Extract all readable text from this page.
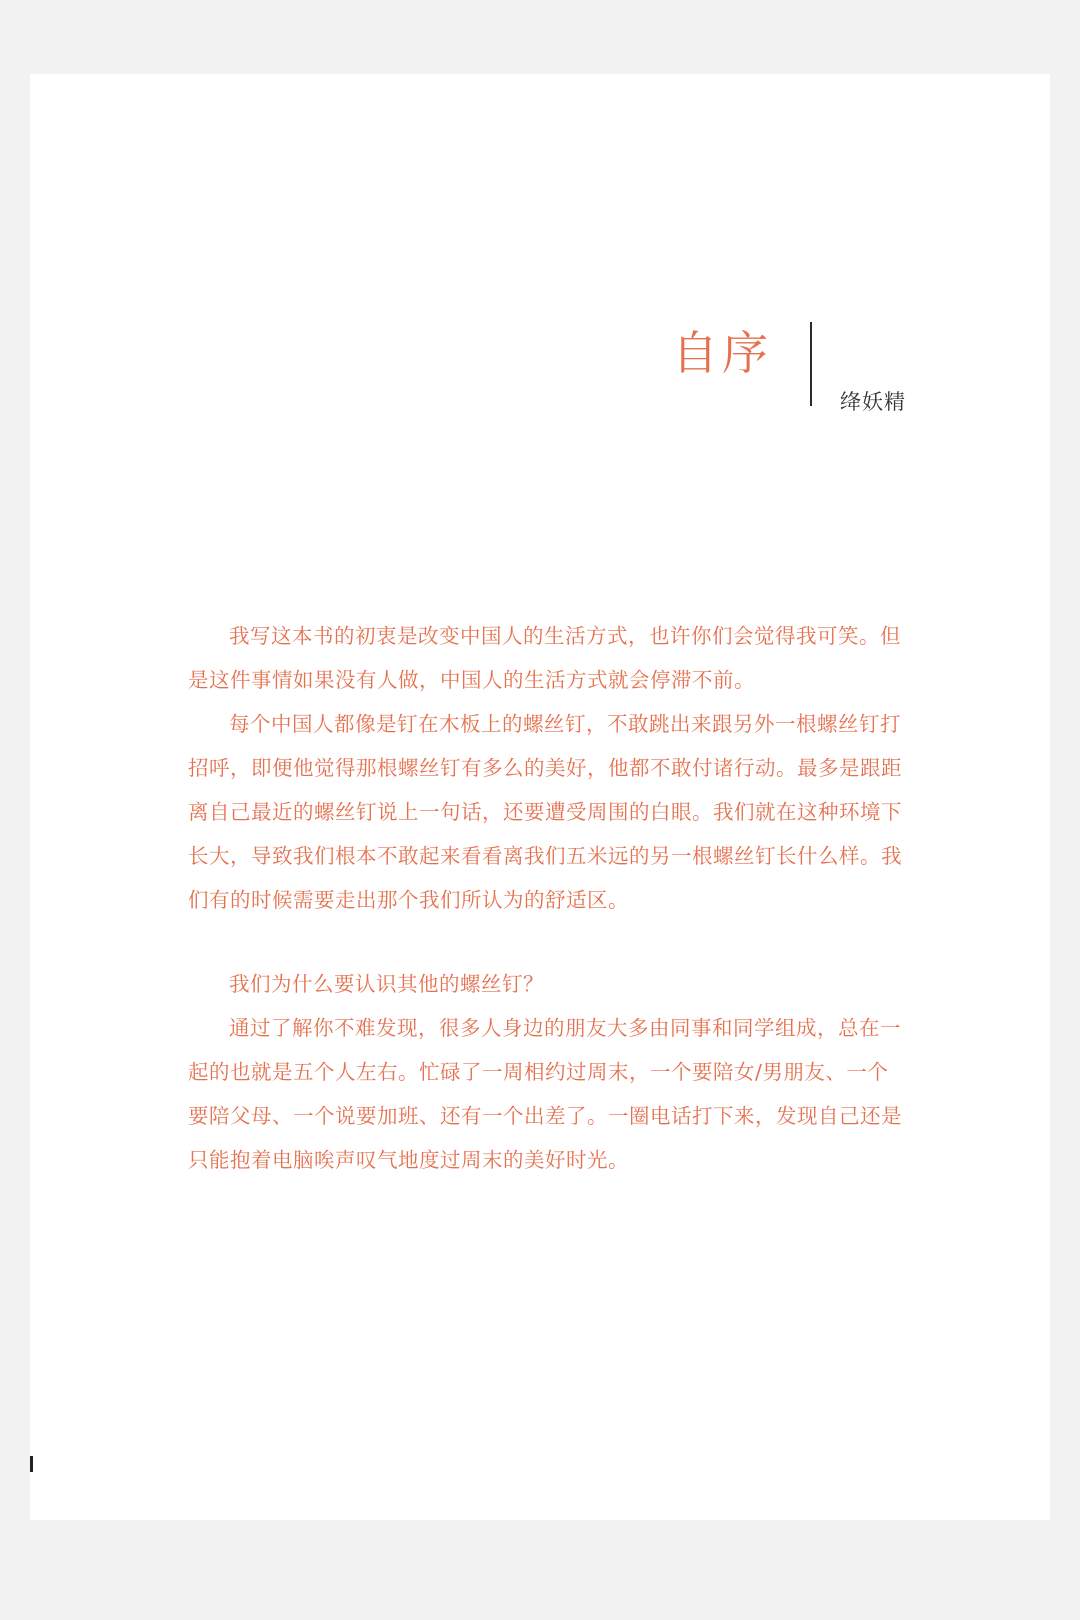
自序
绛妖精

我写这本书的初衷是改变中国人的生活方式，也许你们会觉得我可笑。但是这件事情如果没有人做，中国人的生活方式就会停滞不前。

每个中国人都像是钉在木板上的螺丝钉，不敢跳出来跟另外一根螺丝钉打招呼，即便他觉得那根螺丝钉有多么的美好，他都不敢付诸行动。最多是跟距离自己最近的螺丝钉说上一句话，还要遭受周围的白眼。我们就在这种环境下长大，导致我们根本不敢起来看看离我们五米远的另一根螺丝钉长什么样。我们有的时候需要走出那个我们所认为的舒适区。

我们为什么要认识其他的螺丝钉？

通过了解你不难发现，很多人身边的朋友大多由同事和同学组成，总在一起的也就是五个人左右。忙碌了一周相约过周末，一个要陪女/男朋友、一个要陪父母、一个说要加班、还有一个出差了。一圈电话打下来，发现自己还是只能抱着电脑唉声叹气地度过周末的美好时光。
